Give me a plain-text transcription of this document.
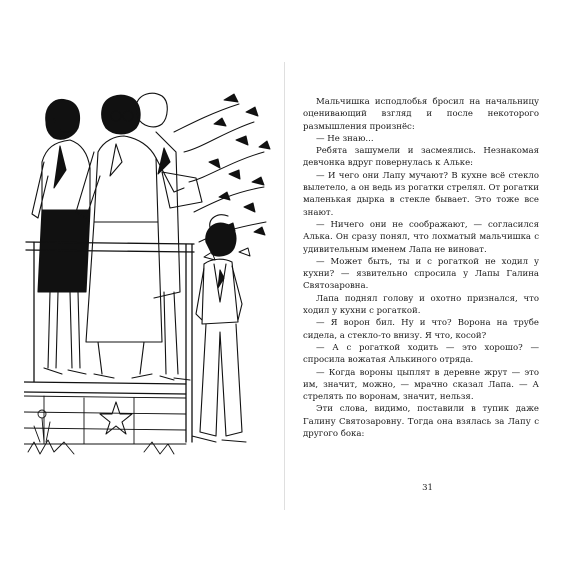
Мальчишка исподлобья бросил на начальницу оценивающий взгляд и после некоторого размышления произнёс:

— Не знаю...

Ребята зашумели и засмеялись. Незнакомая девчонка вдруг повернулась к Альке:

— И чего они Лапу мучают? В кухне всё стекло вылетело, а он ведь из рогатки стрелял. От рогатки маленькая дырка в стекле бывает. Это тоже все знают.

— Ничего они не соображают, — согласился Алька. Он сразу понял, что лохматый мальчишка с удивительным именем Лапа не виноват.

— Может быть, ты и с рогаткой не ходил у кухни? — язвительно спросила у Лапы Галина Святозаровна.

Лапа поднял голову и охотно признался, что ходил у кухни с рогаткой.

— Я ворон бил. Ну и что? Ворона на трубе сидела, а стекло-то внизу. Я что, косой?

— А с рогаткой ходить — это хорошо? — спросила вожатая Алькиного отряда.

— Когда вороны цыплят в деревне жрут — это им, значит, можно, — мрачно сказал Лапа. — А стрелять по воронам, значит, нельзя.

Эти слова, видимо, поставили в тупик даже Галину Святозаровну. Тогда она взялась за Лапу с другого бока:

31
